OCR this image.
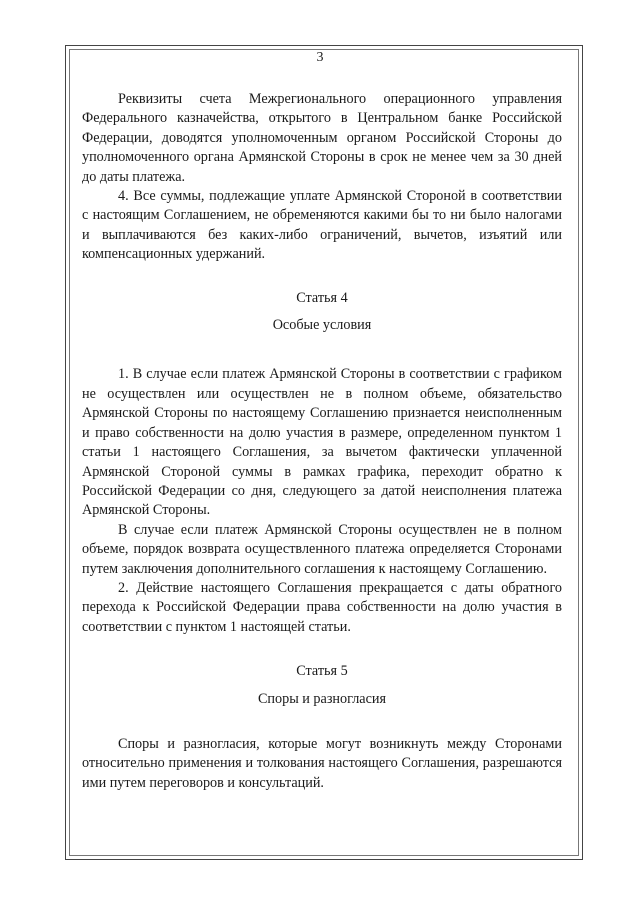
3

Реквизиты счета Межрегионального операционного управления Федерального казначейства, открытого в Центральном банке Российской Федерации, доводятся уполномоченным органом Российской Стороны до уполномоченного органа Армянской Стороны в срок не менее чем за 30 дней до даты платежа.

4. Все суммы, подлежащие уплате Армянской Стороной в соответствии с настоящим Соглашением, не обременяются какими бы то ни было налогами и выплачиваются без каких-либо ограничений, вычетов, изъятий или компенсационных удержаний.

Статья 4

Особые условия

1. В случае если платеж Армянской Стороны в соответствии с графиком не осуществлен или осуществлен не в полном объеме, обязательство Армянской Стороны по настоящему Соглашению признается неисполненным и право собственности на долю участия в размере, определенном пунктом 1 статьи 1 настоящего Соглашения, за вычетом фактически уплаченной Армянской Стороной суммы в рамках графика, переходит обратно к Российской Федерации со дня, следующего за датой неисполнения платежа Армянской Стороны.

В случае если платеж Армянской Стороны осуществлен не в полном объеме, порядок возврата осуществленного платежа определяется Сторонами путем заключения дополнительного соглашения к настоящему Соглашению.

2. Действие настоящего Соглашения прекращается с даты обратного перехода к Российской Федерации права собственности на долю участия в соответствии с пунктом 1 настоящей статьи.

Статья 5

Споры и разногласия

Споры и разногласия, которые могут возникнуть между Сторонами относительно применения и толкования настоящего Соглашения, разрешаются ими путем переговоров и консультаций.
